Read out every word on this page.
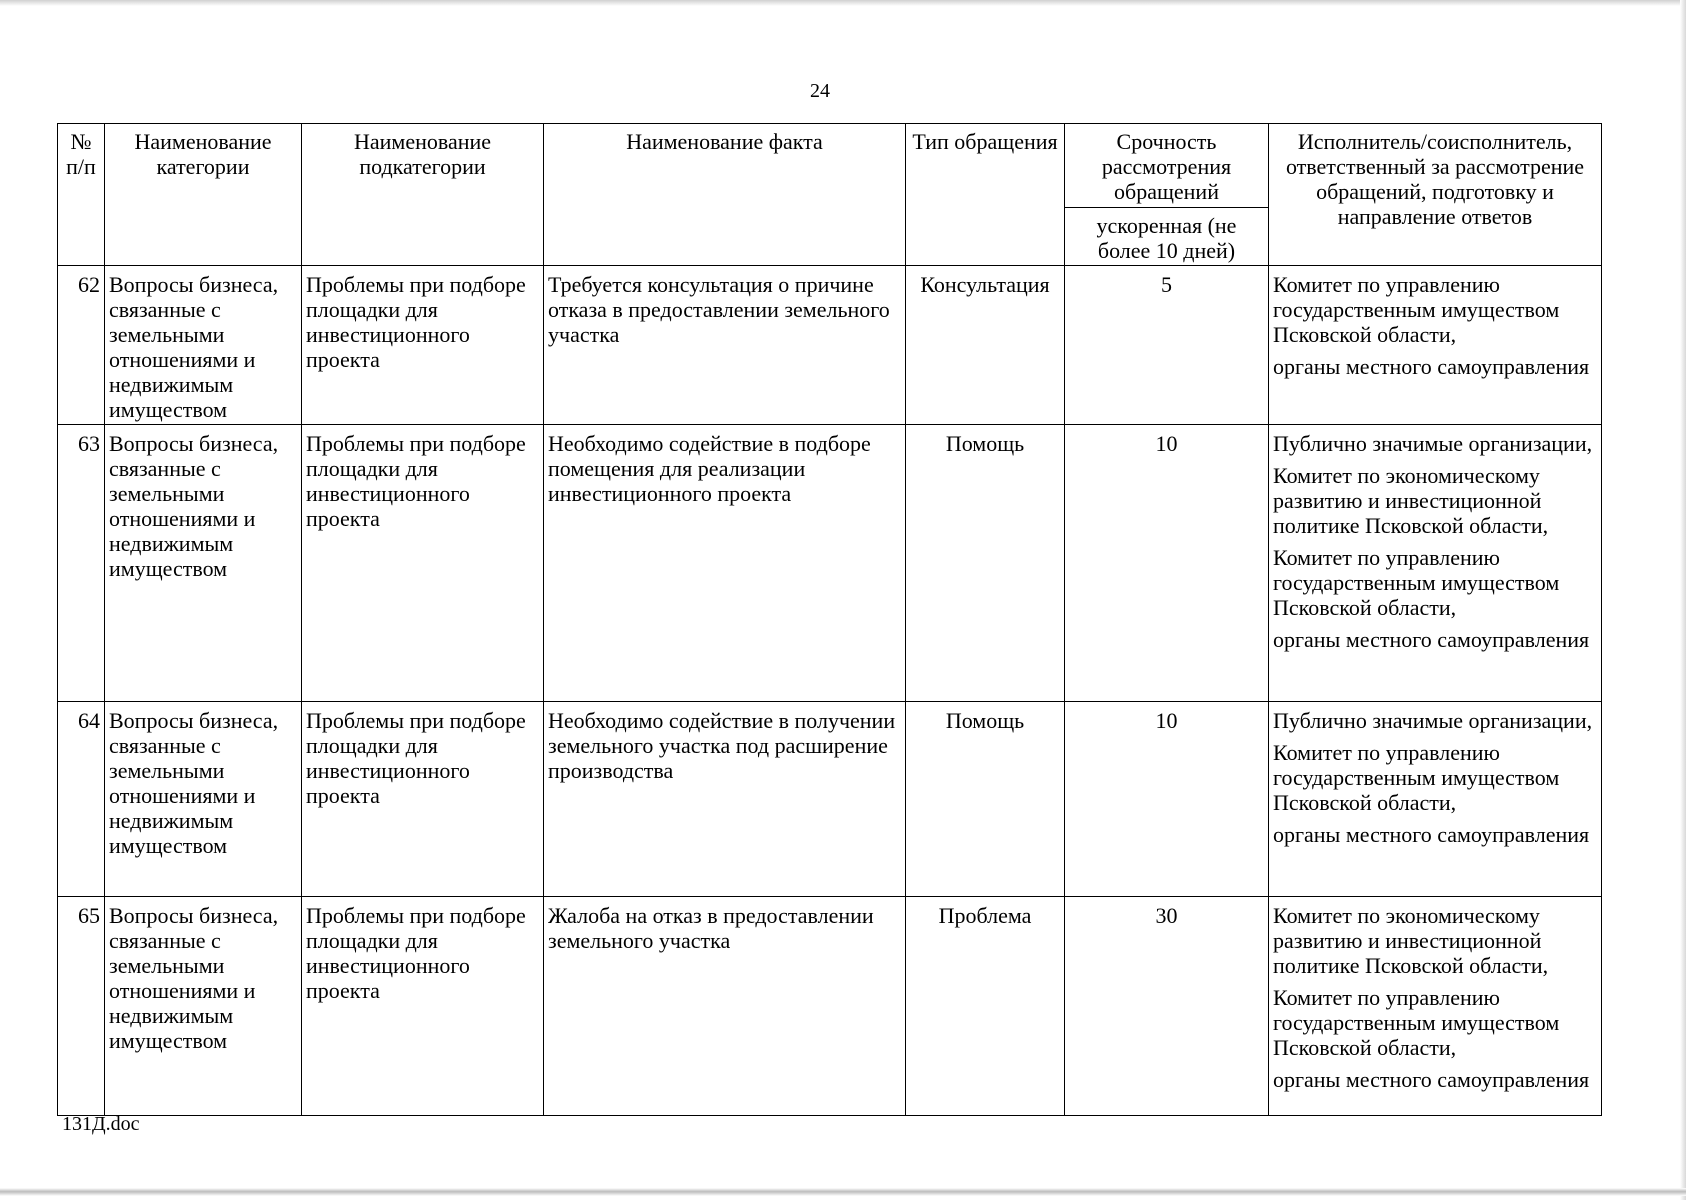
24
№ п/п	Наименование категории	Наименование подкатегории	Наименование факта	Тип обращения	Срочность рассмотрения обращений	Исполнитель/соисполнитель, ответственный за рассмотрение обращений, подготовку и направление ответов
					ускоренная (не более 10 дней)	
62	Вопросы бизнеса, связанные с земельными отношениями и недвижимым имуществом	Проблемы при подборе площадки для инвестиционного проекта	Требуется консультация о причине отказа в предоставлении земельного участка	Консультация	5	Комитет по управлению государственным имуществом Псковской области,
органы местного самоуправления

63	Вопросы бизнеса, связанные с земельными отношениями и недвижимым имуществом	Проблемы при подборе площадки для инвестиционного проекта	Необходимо содействие в подборе помещения для реализации инвестиционного проекта	Помощь	10	Публично значимые организации,
Комитет по экономическому развитию и инвестиционной политике Псковской области,
Комитет по управлению государственным имуществом Псковской области,
органы местного самоуправления

64	Вопросы бизнеса, связанные с земельными отношениями и недвижимым имуществом	Проблемы при подборе площадки для инвестиционного проекта	Необходимо содействие в получении земельного участка под расширение производства	Помощь	10	Публично значимые организации,
Комитет по управлению государственным имуществом Псковской области,
органы местного самоуправления

65	Вопросы бизнеса, связанные с земельными отношениями и недвижимым имуществом	Проблемы при подборе площадки для инвестиционного проекта	Жалоба на отказ в предоставлении земельного участка	Проблема	30	Комитет по экономическому развитию и инвестиционной политике Псковской области,
Комитет по управлению государственным имуществом Псковской области,
органы местного самоуправления
131Д.doc
